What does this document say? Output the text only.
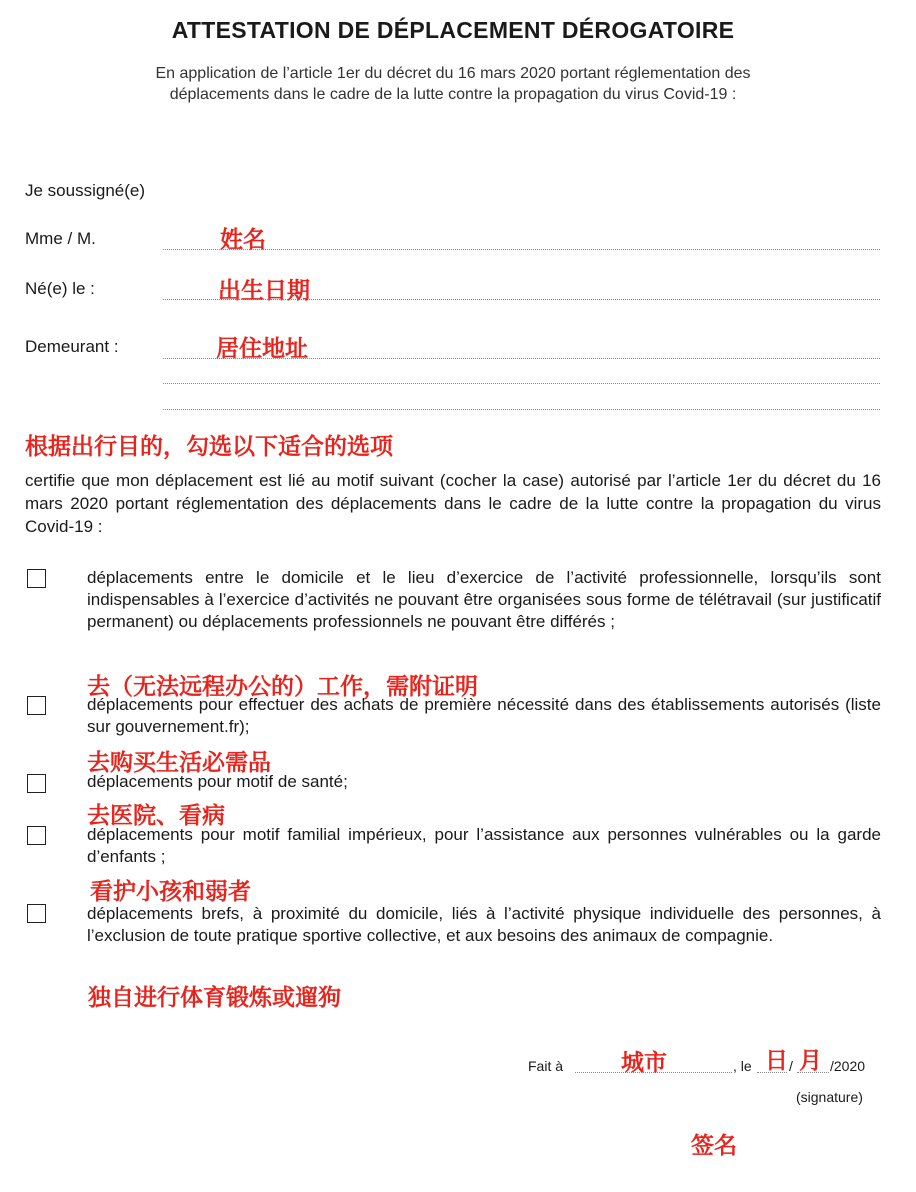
ATTESTATION DE DÉPLACEMENT DÉROGATOIRE
En application de l’article 1er du décret du 16 mars 2020 portant réglementation des
déplacements dans le cadre de la lutte contre la propagation du virus Covid-19 :
Je soussigné(e)
Mme / M.	姓名
Né(e) le :	出生日期
Demeurant :	居住地址
根据出行目的，勾选以下适合的选项
certifie que mon déplacement est lié au motif suivant (cocher la case) autorisé par l’article 1er du décret du 16 mars 2020 portant réglementation des déplacements dans le cadre de la lutte contre la propagation du virus Covid-19 :
déplacements entre le domicile et le lieu d’exercice de l’activité professionnelle, lorsqu’ils sont indispensables à l’exercice d’activités ne pouvant être organisées sous forme de télétravail (sur justificatif permanent) ou déplacements professionnels ne pouvant être différés ;
去（无法远程办公的）工作，需附证明
déplacements pour effectuer des achats de première nécessité dans des établissements autorisés (liste sur gouvernement.fr);
去购买生活必需品
déplacements pour motif de santé;
去医院、看病
déplacements pour motif familial impérieux, pour l’assistance aux personnes vulnérables ou la garde d’enfants ;
看护小孩和弱者
déplacements brefs, à proximité du domicile, liés à l’activité physique individuelle des personnes, à l’exclusion de toute pratique sportive collective, et aux besoins des animaux de compagnie.
独自进行体育锻炼或遛狗
Fait à	城市	, le 日 / 月 /2020
(signature)
签名
